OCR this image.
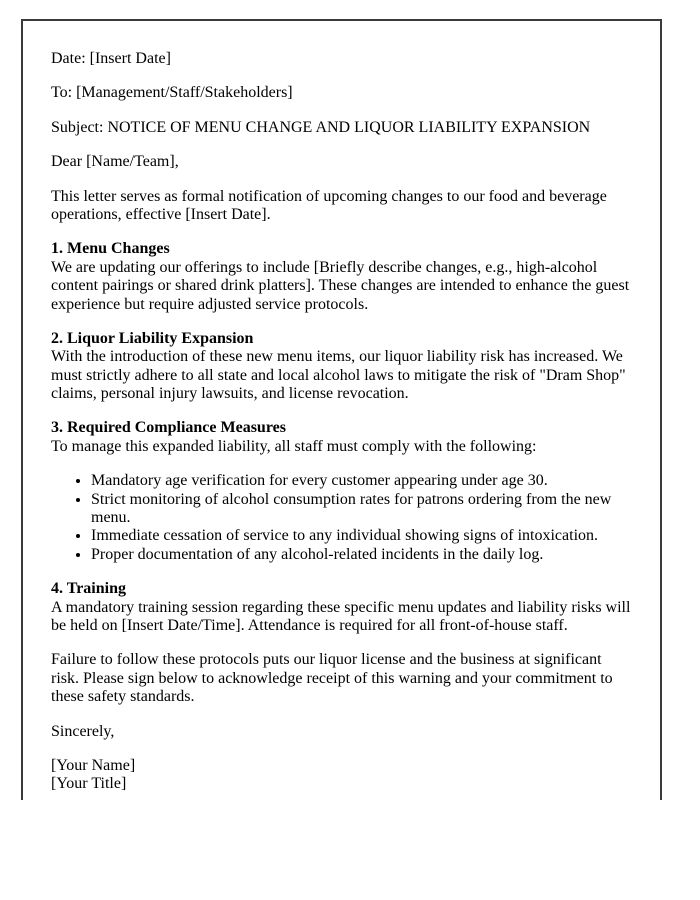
Date: [Insert Date]

To: [Management/Staff/Stakeholders]

Subject: NOTICE OF MENU CHANGE AND LIQUOR LIABILITY EXPANSION

Dear [Name/Team],

This letter serves as formal notification of upcoming changes to our food and beverage operations, effective [Insert Date].

1. Menu Changes
We are updating our offerings to include [Briefly describe changes, e.g., high-alcohol content pairings or shared drink platters]. These changes are intended to enhance the guest experience but require adjusted service protocols.

2. Liquor Liability Expansion
With the introduction of these new menu items, our liquor liability risk has increased. We must strictly adhere to all state and local alcohol laws to mitigate the risk of "Dram Shop" claims, personal injury lawsuits, and license revocation.

3. Required Compliance Measures
To manage this expanded liability, all staff must comply with the following:

• Mandatory age verification for every customer appearing under age 30.
• Strict monitoring of alcohol consumption rates for patrons ordering from the new menu.
• Immediate cessation of service to any individual showing signs of intoxication.
• Proper documentation of any alcohol-related incidents in the daily log.

4. Training
A mandatory training session regarding these specific menu updates and liability risks will be held on [Insert Date/Time]. Attendance is required for all front-of-house staff.

Failure to follow these protocols puts our liquor license and the business at significant risk. Please sign below to acknowledge receipt of this warning and your commitment to these safety standards.

Sincerely,

[Your Name]
[Your Title]
